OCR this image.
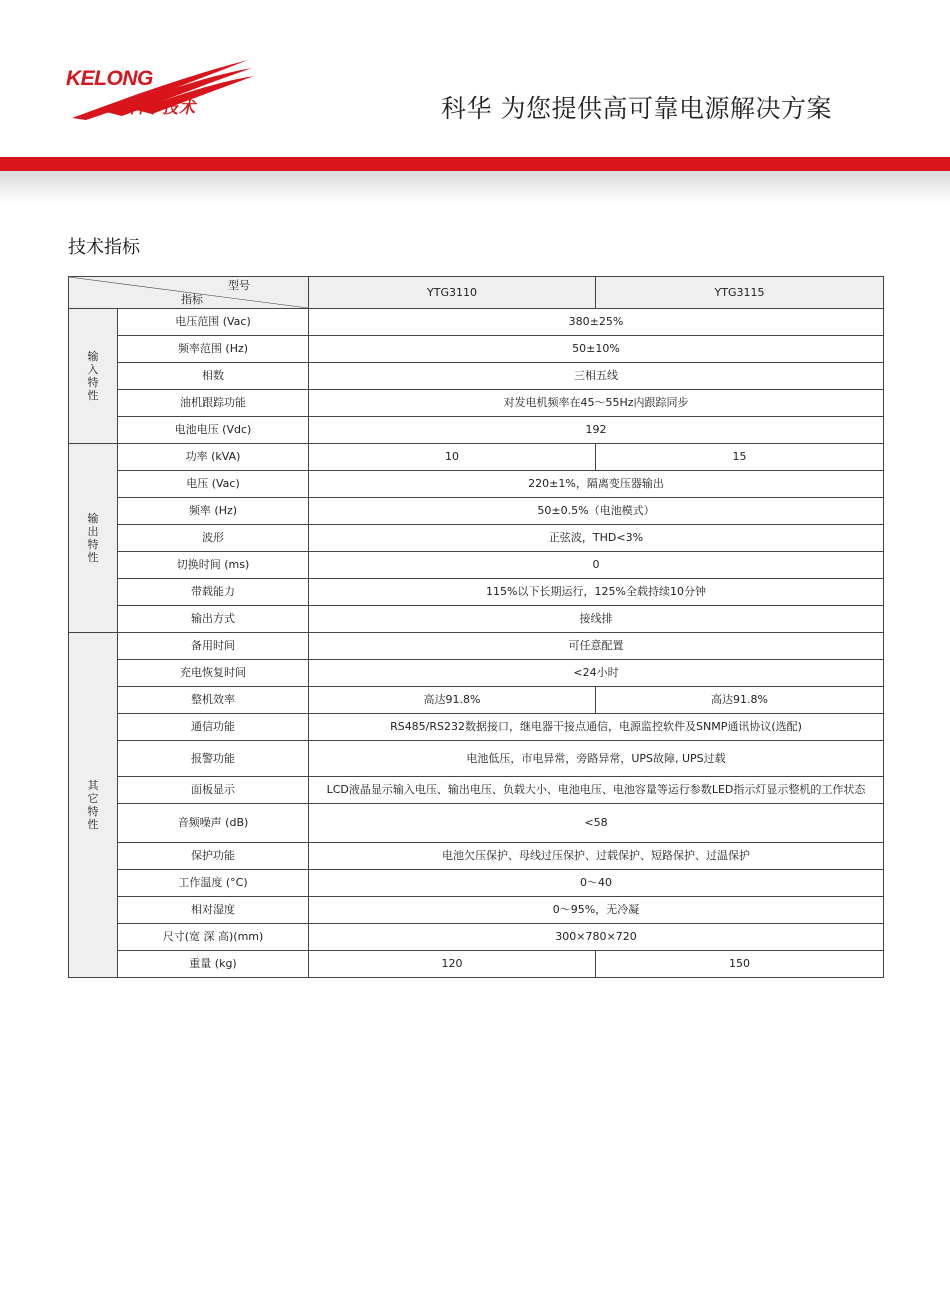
KELONG
科华技术	科华 为您提供高可靠电源解决方案
技术指标
型号
指标		YTG3110	YTG3115

输
入
特
性	电压范围 (Vac)	380±25%	
	频率范围 (Hz)	50±10%	
	相数	三相五线	
	油机跟踪功能	对发电机频率在45～55Hz内跟踪同步	
	电池电压 (Vdc)	192	

输
出
特
性	功率 (kVA)	10	15
	电压 (Vac)	220±1%，隔离变压器输出	
	频率 (Hz)	50±0.5%（电池模式）	
	波形	正弦波，THD<3%	
	切换时间 (ms)	0	
	带载能力	115%以下长期运行，125%全载持续10分钟	
	输出方式	接线排	

其
它
特
性	备用时间	可任意配置	
	充电恢复时间	<24小时	
	整机效率	高达91.8%	高达91.8%
	通信功能	RS485/RS232数据接口，继电器干接点通信，电源监控软件及SNMP通讯协议(选配)	
	报警功能	电池低压，市电异常，旁路异常，UPS故障, UPS过载	
	面板显示	LCD液晶显示输入电压、输出电压、负载大小、电池电压、电池容量等运行参数LED指示灯显示整机的工作状态	
	音频噪声 (dB)	<58	
	保护功能	电池欠压保护、母线过压保护、过载保护、短路保护、过温保护	
	工作温度 (°C)	0～40	
	相对湿度	0～95%，无冷凝	
	尺寸(宽 深 高)(mm)	300×780×720	
	重量 (kg)	120	150
